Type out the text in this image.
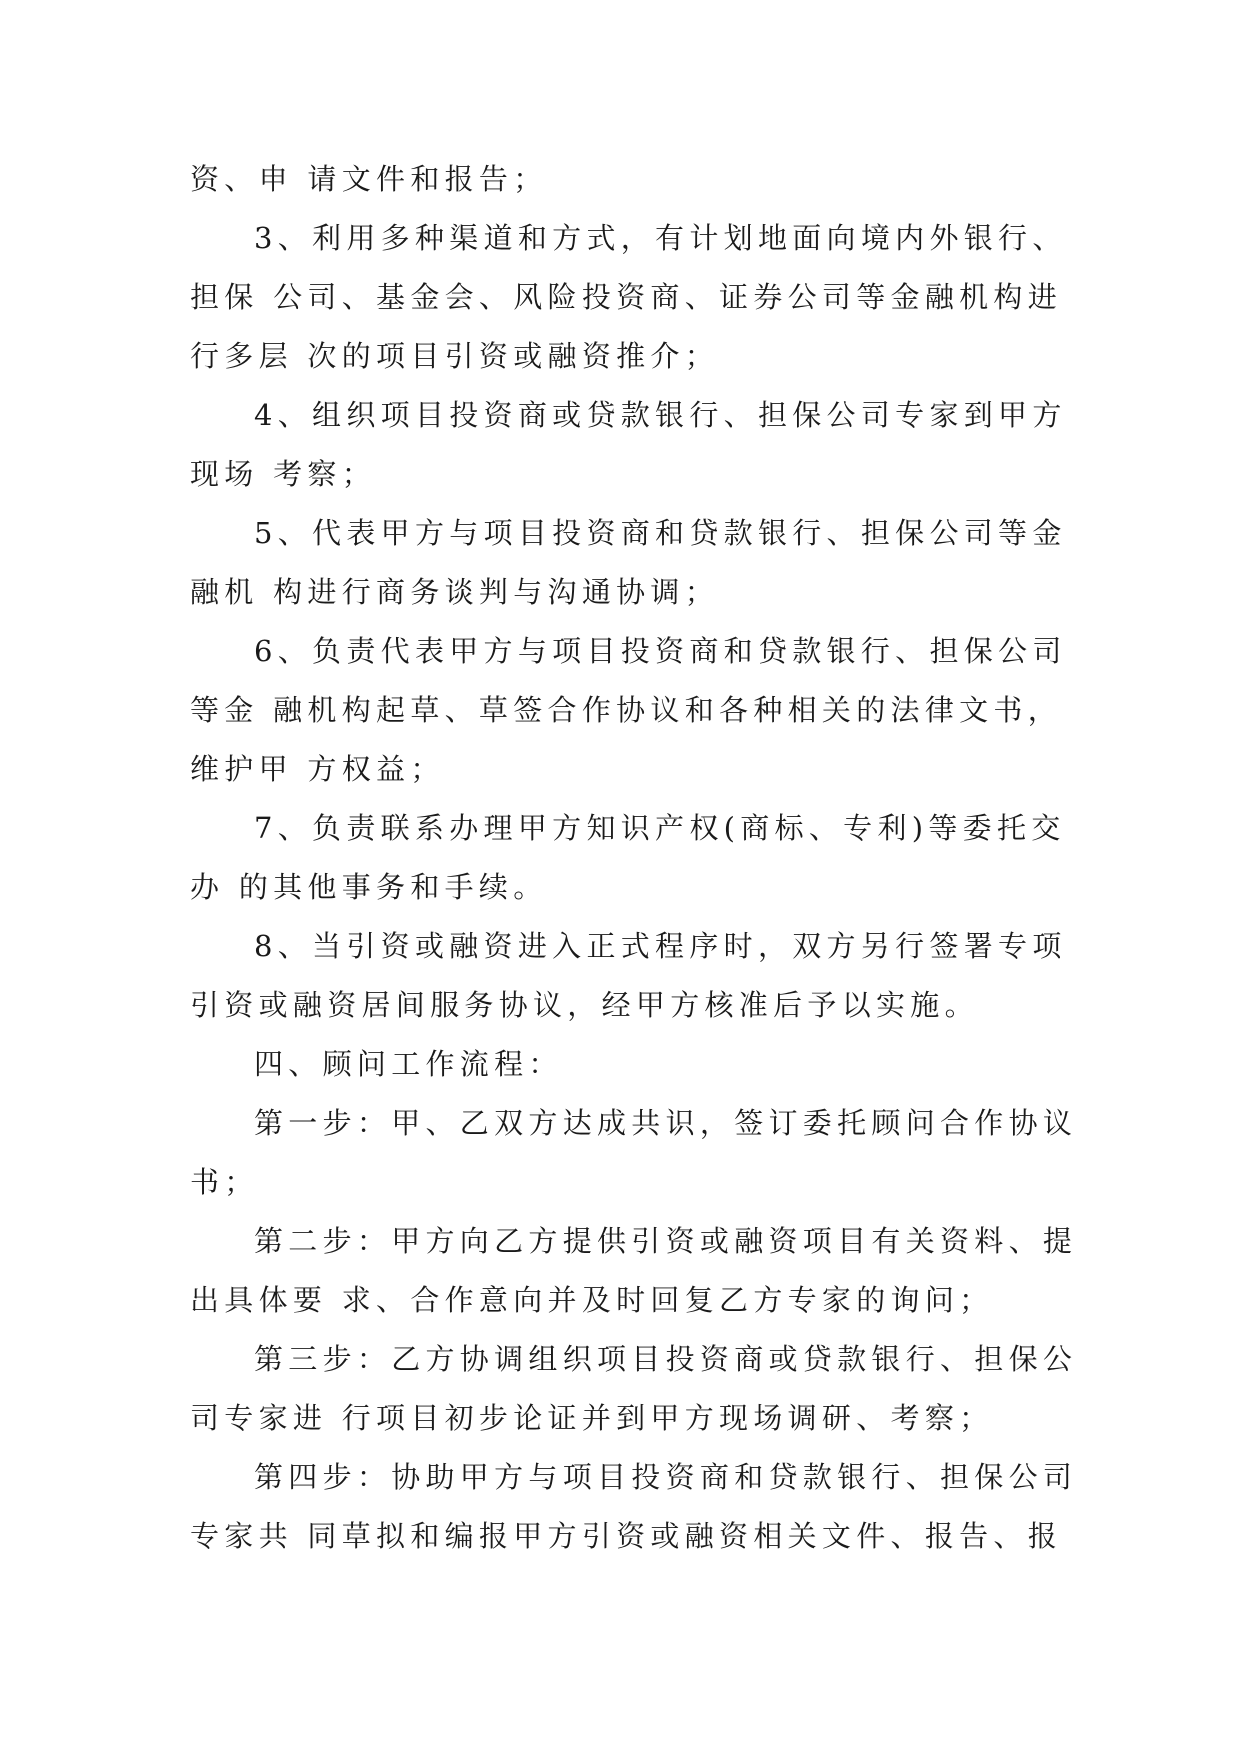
资、申 请文件和报告；
3、利用多种渠道和方式，有计划地面向境内外银行、
担保 公司、基金会、风险投资商、证券公司等金融机构进
行多层 次的项目引资或融资推介；
4、组织项目投资商或贷款银行、担保公司专家到甲方
现场 考察；
5、代表甲方与项目投资商和贷款银行、担保公司等金
融机 构进行商务谈判与沟通协调；
6、负责代表甲方与项目投资商和贷款银行、担保公司
等金 融机构起草、草签合作协议和各种相关的法律文书，
维护甲 方权益；
7、负责联系办理甲方知识产权(商标、专利)等委托交
办 的其他事务和手续。
8、当引资或融资进入正式程序时，双方另行签署专项
引资或融资居间服务协议，经甲方核准后予以实施。
四、顾问工作流程：
第一步：甲、乙双方达成共识，签订委托顾问合作协议
书；
第二步：甲方向乙方提供引资或融资项目有关资料、提
出具体要 求、合作意向并及时回复乙方专家的询问；
第三步：乙方协调组织项目投资商或贷款银行、担保公
司专家进 行项目初步论证并到甲方现场调研、考察；
第四步：协助甲方与项目投资商和贷款银行、担保公司
专家共 同草拟和编报甲方引资或融资相关文件、报告、报
